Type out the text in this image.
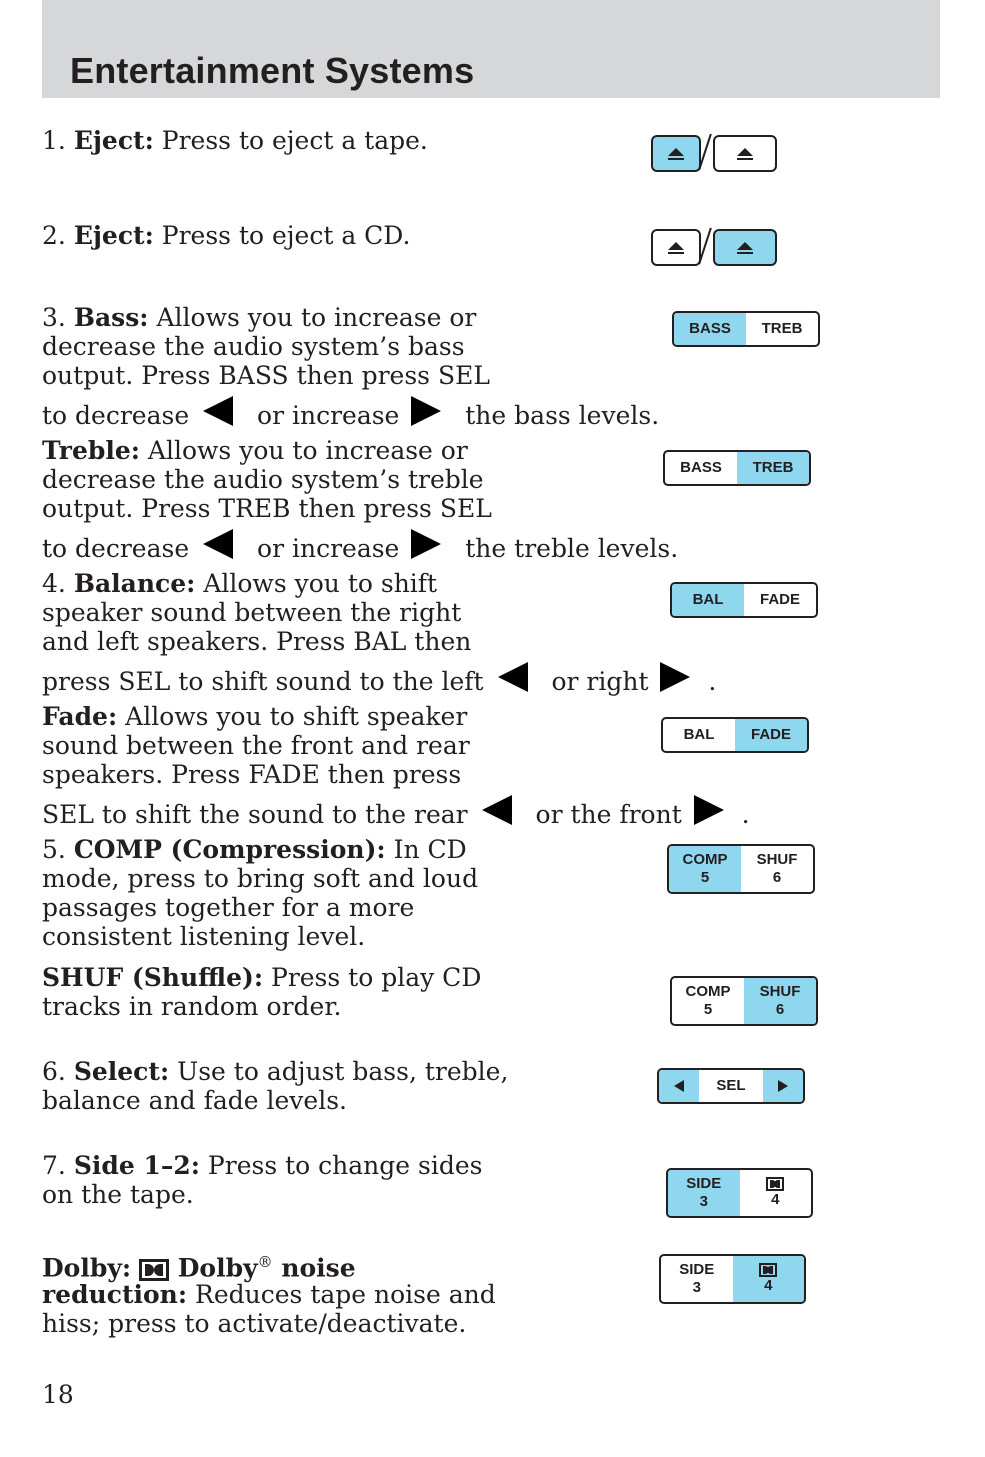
Entertainment Systems
1. Eject: Press to eject a tape.
2. Eject: Press to eject a CD.
3. Bass: Allows you to increase or
decrease the audio system’s bass
output. Press BASS then press SEL
to decrease	or increase	the bass levels.
BASS TREB
Treble: Allows you to increase or
decrease the audio system’s treble
output. Press TREB then press SEL
to decrease	or increase	the treble levels.
BASS TREB
4. Balance: Allows you to shift
speaker sound between the right
and left speakers. Press BAL then
press SEL to shift sound to the left	or right .
BAL FADE
Fade: Allows you to shift speaker
sound between the front and rear
speakers. Press FADE then press
SEL to shift the sound to the rear	or the front .
BAL FADE
5. COMP (Compression): In CD
mode, press to bring soft and loud
passages together for a more
consistent listening level.
COMP
5
SHUF
6
SHUF (Shuffle): Press to play CD
tracks in random order.
COMP
5
SHUF
6
6. Select: Use to adjust bass, treble,
balance and fade levels.
SEL
7. Side 1–2: Press to change sides
on the tape.	SIDE
3	4
Dolby:  Dolby® noise
reduction: Reduces tape noise and
hiss; press to activate/deactivate.
SIDE
3	4
18
